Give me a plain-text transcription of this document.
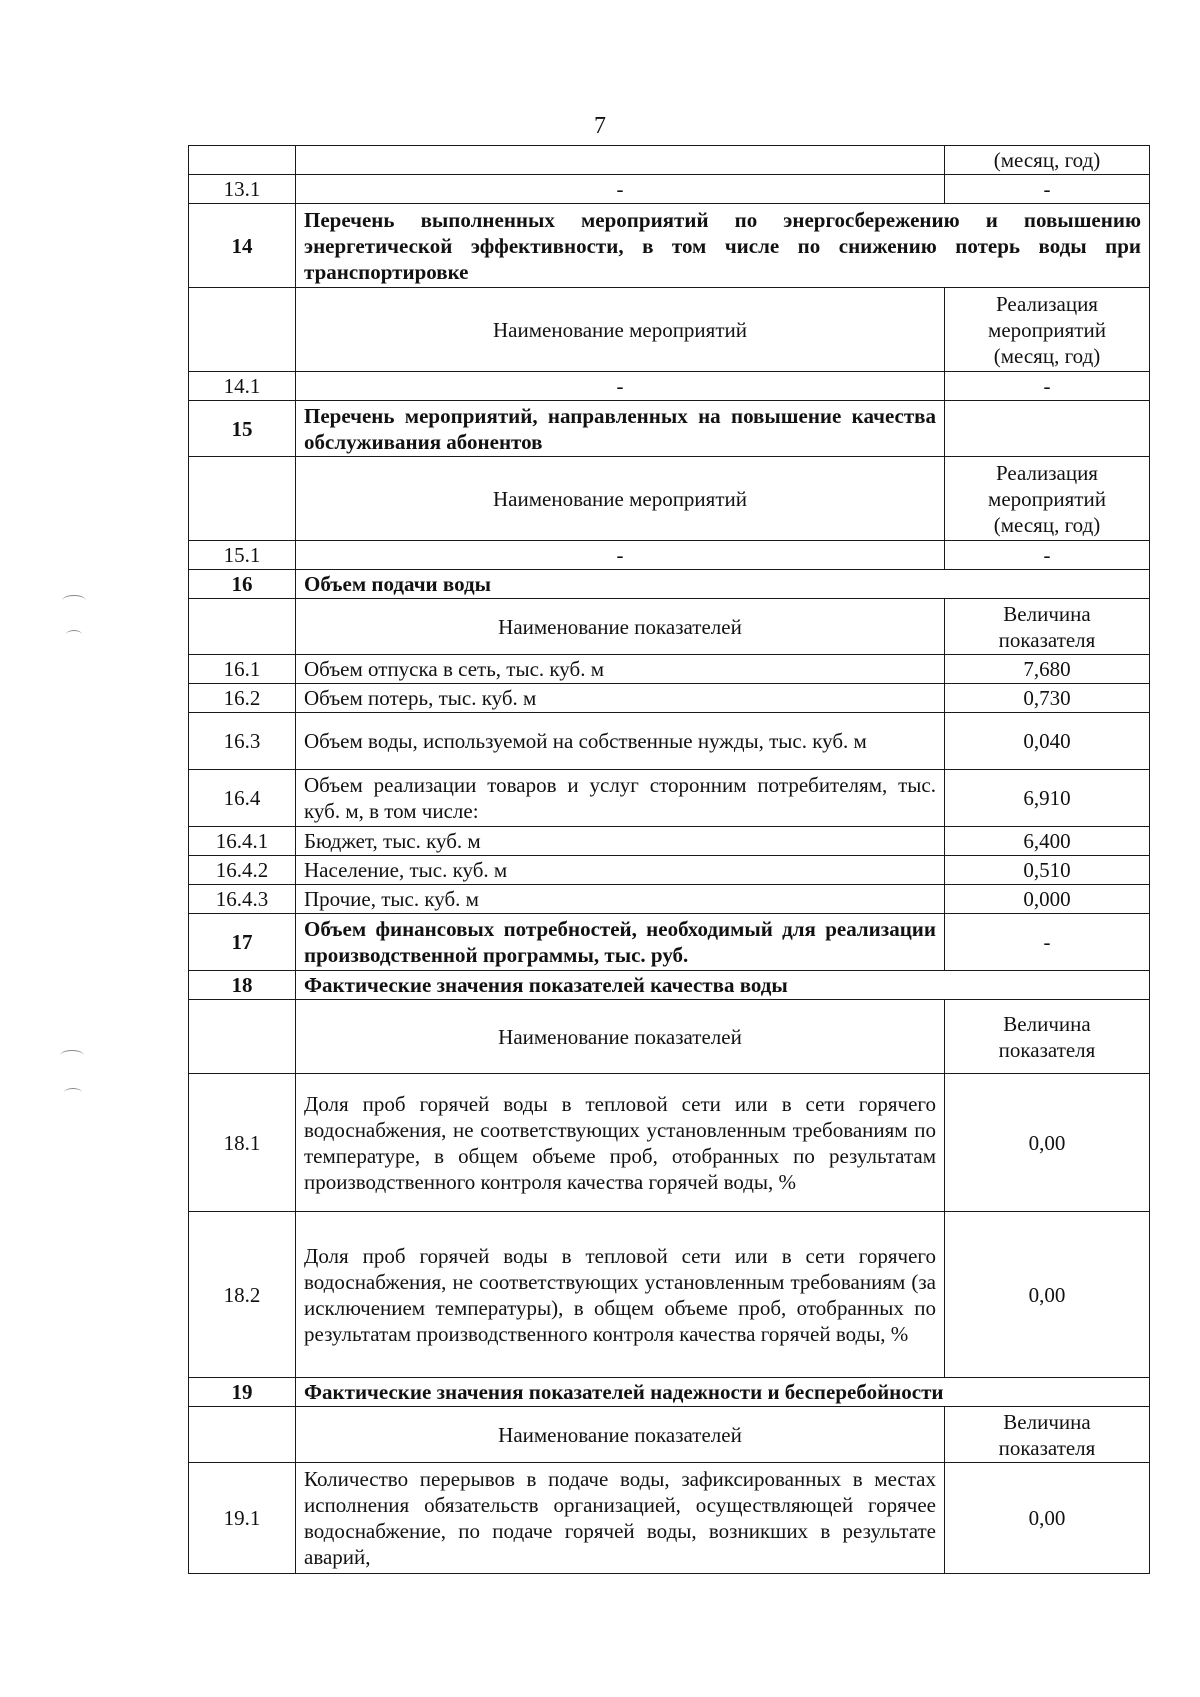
7
		(месяц, год)
13.1	-	-
14	Перечень выполненных мероприятий по энергосбережению и повышению энергетической эффективности, в том числе по снижению потерь воды при транспортировке	
	Наименование мероприятий	Реализация мероприятий (месяц, год)
14.1	-	-
15	Перечень мероприятий, направленных на повышение качества обслуживания абонентов	
	Наименование мероприятий	Реализация мероприятий (месяц, год)
15.1	-	-
16	Объем подачи воды	
	Наименование показателей	Величина показателя
16.1	Объем отпуска в сеть, тыс. куб. м	7,680
16.2	Объем потерь, тыс. куб. м	0,730
16.3	Объем воды, используемой на собственные нужды, тыс. куб. м	0,040
16.4	Объем реализации товаров и услуг сторонним потребителям, тыс. куб. м, в том числе:	6,910
16.4.1	Бюджет, тыс. куб. м	6,400
16.4.2	Население, тыс. куб. м	0,510
16.4.3	Прочие, тыс. куб. м	0,000
17	Объем финансовых потребностей, необходимый для реализации производственной программы, тыс. руб.	-
18	Фактические значения показателей качества воды	
	Наименование показателей	Величина показателя
18.1	Доля проб горячей воды в тепловой сети или в сети горячего водоснабжения, не соответствующих установленным требованиям по температуре, в общем объеме проб, отобранных по результатам производственного контроля качества горячей воды, %	0,00
18.2	Доля проб горячей воды в тепловой сети или в сети горячего водоснабжения, не соответствующих установленным требованиям (за исключением температуры), в общем объеме проб, отобранных по результатам производственного контроля качества горячей воды, %	0,00
19	Фактические значения показателей надежности и бесперебойности	
	Наименование показателей	Величина показателя
19.1	Количество перерывов в подаче воды, зафиксированных в местах исполнения обязательств организацией, осуществляющей горячее водоснабжение, по подаче горячей воды, возникших в результате аварий,	0,00
